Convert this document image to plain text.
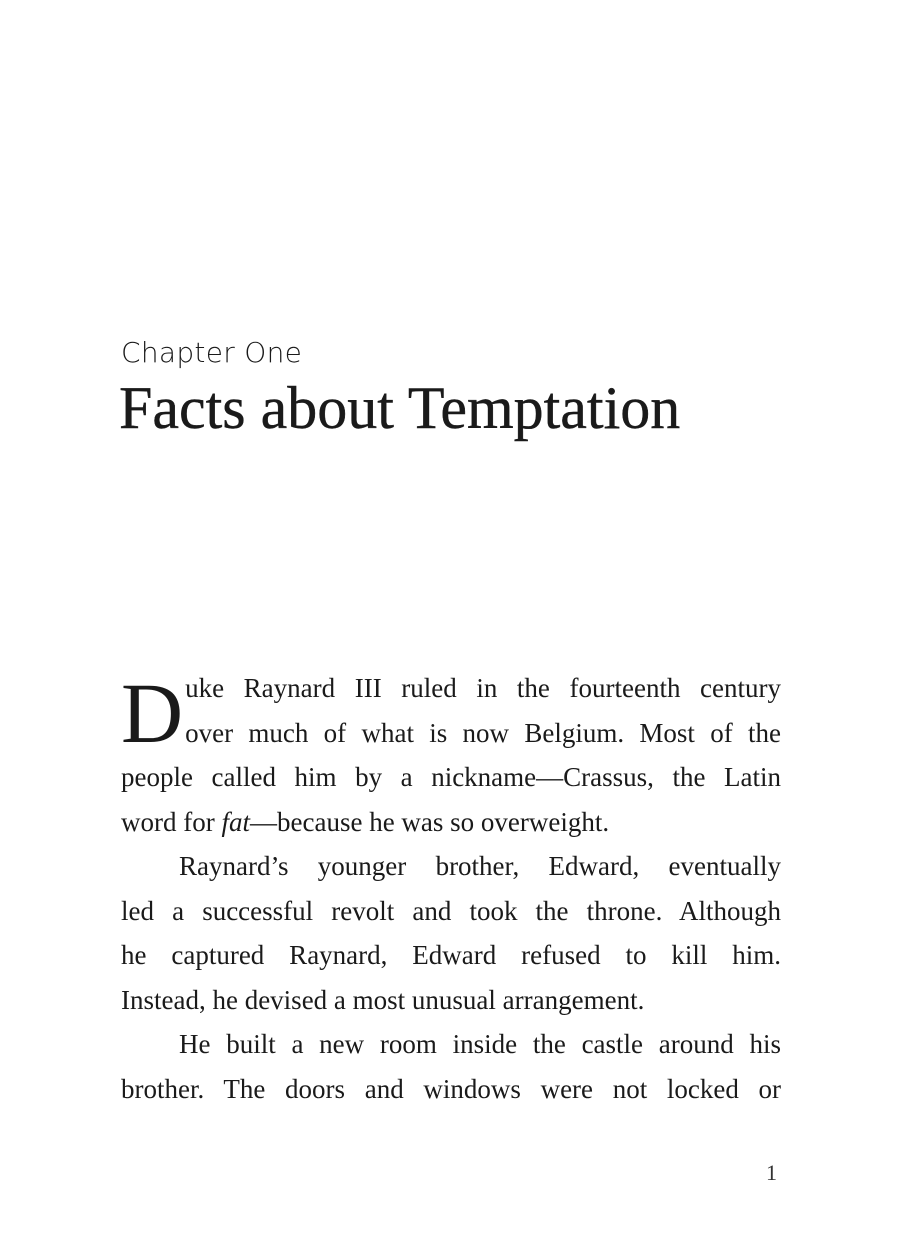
Chapter One
Facts about Temptation
D uke Raynard III ruled in the fourteenth century

over much of what is now Belgium. Most of the

people called him by a nickname—Crassus, the Latin

word for fat—because he was so overweight.

Raynard’s younger brother, Edward, eventually

led a successful revolt and took the throne. Although

he captured Raynard, Edward refused to kill him.

Instead, he devised a most unusual arrangement.

He built a new room inside the castle around his

brother. The doors and windows were not locked or

1
